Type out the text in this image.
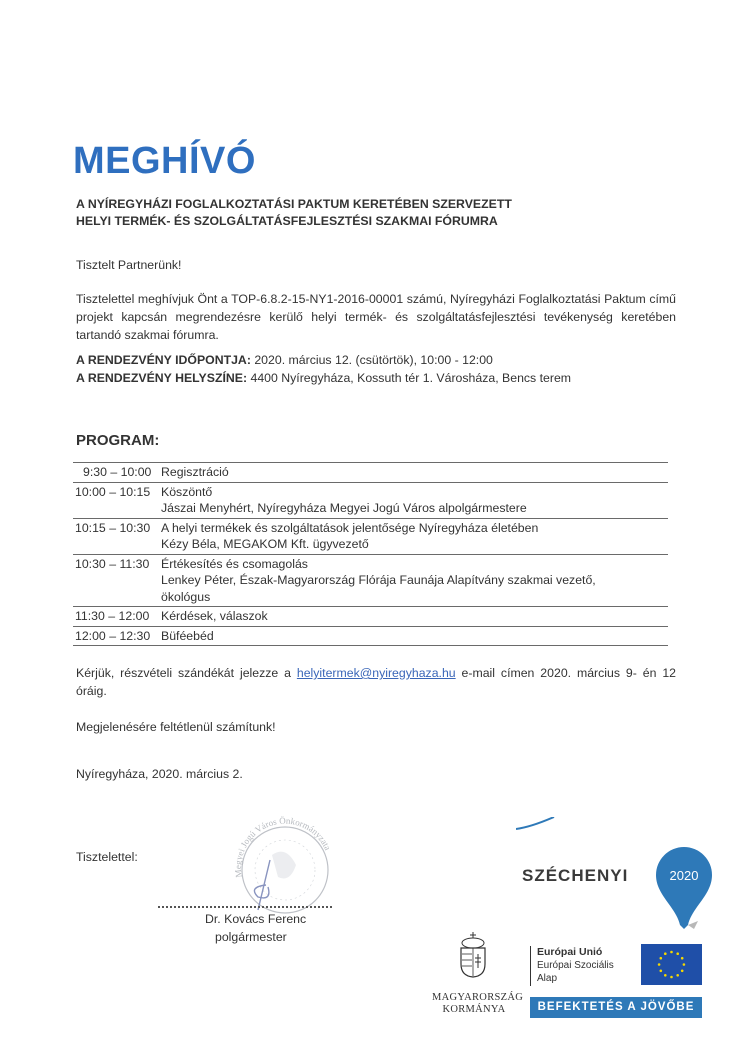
MEGHÍVÓ
A NYÍREGYHÁZI FOGLALKOZTATÁSI PAKTUM KERETÉBEN SZERVEZETT
HELYI TERMÉK- ÉS SZOLGÁLTATÁSFEJLESZTÉSI SZAKMAI FÓRUMRA
Tisztelt Partnerünk!
Tisztelettel meghívjuk Önt a TOP-6.8.2-15-NY1-2016-00001 számú, Nyíregyházi Foglalkoztatási Paktum című projekt kapcsán megrendezésre kerülő helyi termék- és szolgáltatásfejlesztési tevékenység keretében tartandó szakmai fórumra.
A RENDEZVÉNY IDŐPONTJA: 2020. március 12. (csütörtök), 10:00 - 12:00
A RENDEZVÉNY HELYSZÍNE: 4400 Nyíregyháza, Kossuth tér 1. Városháza, Bencs terem
PROGRAM:
9:30 – 10:00	Regisztráció

10:00 – 10:15	Köszöntő
Jászai Menyhért, Nyíregyháza Megyei Jogú Város alpolgármestere

10:15 – 10:30	A helyi termékek és szolgáltatások jelentősége Nyíregyháza életében
Kézy Béla, MEGAKOM Kft. ügyvezető

10:30 – 11:30	Értékesítés és csomagolás
Lenkey Péter, Észak-Magyarország Flórája Faunája Alapítvány szakmai vezető,
ökológus

11:30 – 12:00	Kérdések, válaszok

12:00 – 12:30	Büféebéd
Kérjük, részvételi szándékát jelezze a helyitermek@nyiregyhaza.hu e-mail címen 2020. március 9- én 12 óráig.
Megjelenésére feltétlenül számítunk!
Nyíregyháza, 2020. március 2.
Tisztelettel:
Megyei Jogú Város Önkormányzata
Dr. Kovács Ferenc
polgármester
SZÉCHENYI	2020
MAGYARORSZÁG
KORMÁNYA
Európai Unió
Európai Szociális
Alap
BEFEKTETÉS A JÖVŐBE
